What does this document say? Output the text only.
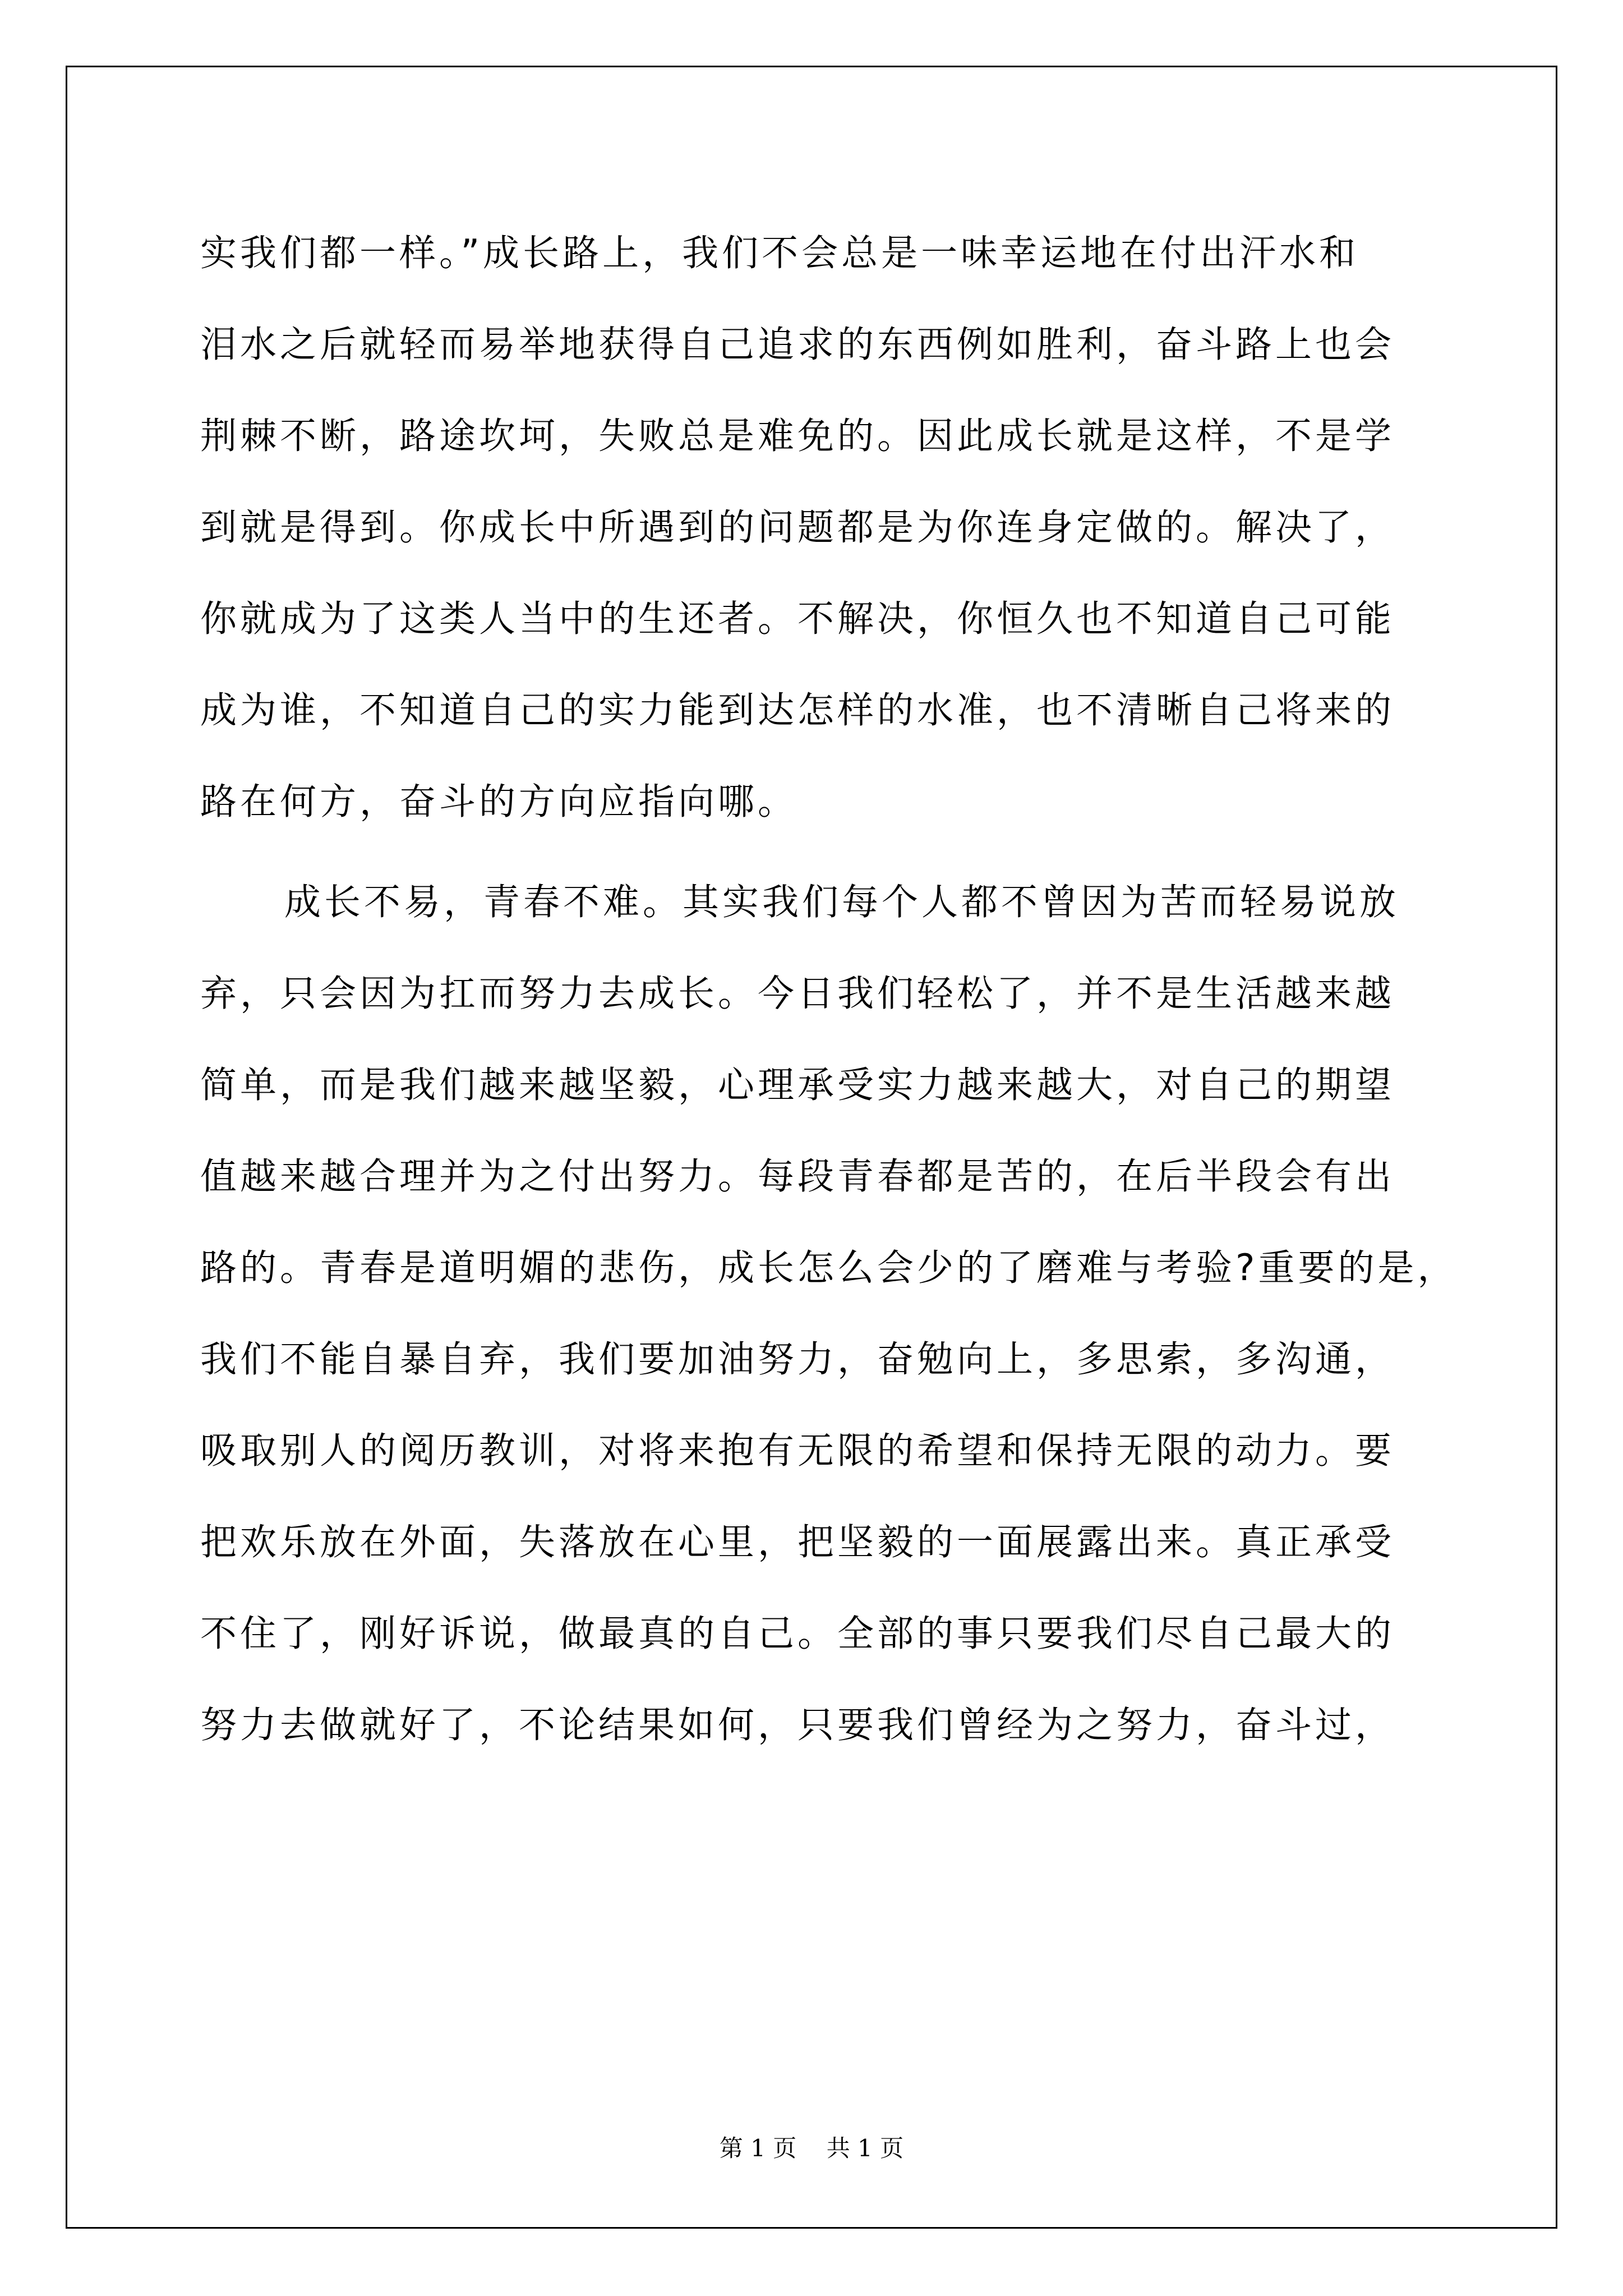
实我们都一样。”成长路上，我们不会总是一味幸运地在付出汗水和
泪水之后就轻而易举地获得自己追求的东西例如胜利，奋斗路上也会
荆棘不断，路途坎坷，失败总是难免的。因此成长就是这样，不是学
到就是得到。你成长中所遇到的问题都是为你连身定做的。解决了，
你就成为了这类人当中的生还者。不解决，你恒久也不知道自己可能
成为谁，不知道自己的实力能到达怎样的水准，也不清晰自己将来的
路在何方，奋斗的方向应指向哪。
成长不易，青春不难。其实我们每个人都不曾因为苦而轻易说放
弃，只会因为扛而努力去成长。今日我们轻松了，并不是生活越来越
简单，而是我们越来越坚毅，心理承受实力越来越大，对自己的期望
值越来越合理并为之付出努力。每段青春都是苦的，在后半段会有出
路的。青春是道明媚的悲伤，成长怎么会少的了磨难与考验?重要的是，
我们不能自暴自弃，我们要加油努力，奋勉向上，多思索，多沟通，
吸取别人的阅历教训，对将来抱有无限的希望和保持无限的动力。要
把欢乐放在外面，失落放在心里，把坚毅的一面展露出来。真正承受
不住了，刚好诉说，做最真的自己。全部的事只要我们尽自己最大的
努力去做就好了，不论结果如何，只要我们曾经为之努力，奋斗过，
第 1 页    共 1 页
